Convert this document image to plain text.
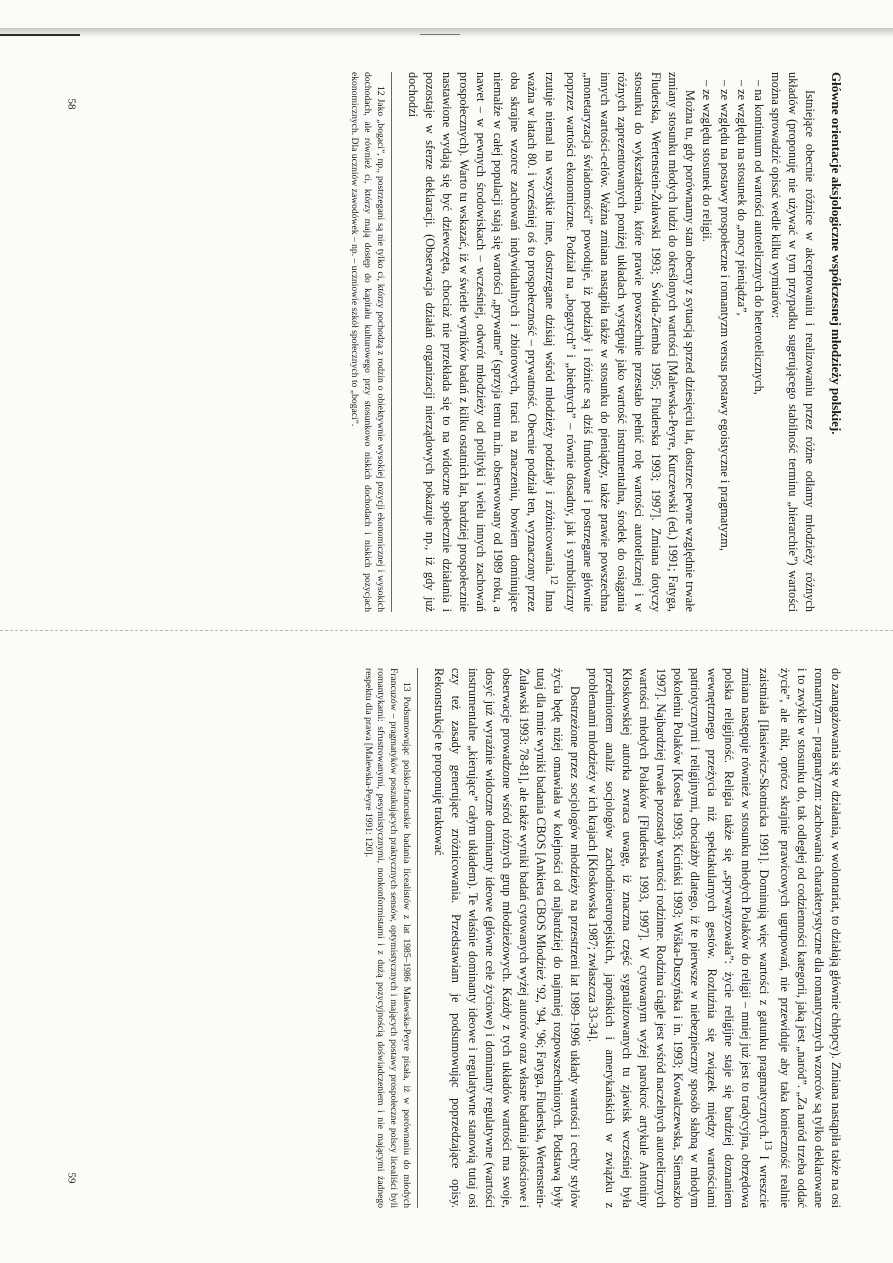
Główne orientacje aksjologiczne współczesnej młodzieży polskiej.

Istniejące obecnie różnice w akceptowaniu i realizowaniu przez różne odłamy młodzieży różnych układów (proponuję nie używać w tym przypadku sugerującego stabilność terminu „hierarchie”) wartości można sprowadzić opisać wedle kilku wymiarów:

– na kontinuum od wartości autotelicznych do heterotelicznych,
– ze względu na stosunek do „mocy pieniądza”,
– ze względu na postawy prospołeczne i romantyzm versus postawy egoistyczne i pragmatyzm,
– ze względu stosunek do religii.

Można tu, gdy porównamy stan obecny z sytuacją sprzed dziesięciu lat, dostrzec pewne względnie trwałe zmiany stosunku młodych ludzi do określonych wartości [Malewska-Peyre, Kurczewski (ed.) 1991; Fatyga, Fluderska, Wertenstein-Żuławski 1993; Świda-Ziemba 1995; Fluderska 1993; 1997]. Zmiana dotyczy stosunku do wykształcenia, które prawie powszechnie przestało pełnić rolę wartości autotelicznej i w różnych zaprezentowanych poniżej układach występuje jako wartość instrumentalna, środek do osiągania innych wartości-celów. Ważna zmiana nastąpiła także w stosunku do pieniądzy, także prawie powszechna „monetaryzacja świadomości” powoduje, iż podziały i różnice są dziś fundowane i postrzegane głównie poprzez wartości ekonomiczne. Podział na „bogatych” i „biednych” – równie dosadny, jak i symboliczny rzutuje niemal na wszystkie inne, dostrzegane dzisiaj wśród młodzieży podziały i zróżnicowania.$^{12}$ Inna ważna w latach 80. i wcześniej oś to prospołeczność – prywatność. Obecnie podział ten, wyznaczony przez oba skrajne wzorce zachowań indywidualnych i zbiorowych, traci na znaczeniu, bowiem dominujące niemalże w całej populacji stają się wartości „prywatne” (sprzyja temu m.in. obserwowany od 1989 roku, a nawet – w pewnych środowiskach – wcześniej, odwrót młodzieży od polityki i wielu innych zachowań prospołecznych). Warto tu wskazać, iż w świetle wyników badań z kilku ostatnich lat, bardziej prospołecznie nastawione wydają się być dziewczęta, chociaż nie przekłada się to na widoczne społecznie działania i pozostaje w sferze deklaracji. (Obserwacja działań organizacji nierządowych pokazuje np., iż gdy już dochodzi

12 Jako „bogaci”, np., postrzegani są nie tylko ci, którzy pochodzą z rodzin o obiektywnie wysokiej pozycji ekonomicznej i wysokich dochodach, ale również ci, którzy mają dostęp do kapitału kulturowego przy stosunkowo niskich dochodach i niskich pozycjach ekonomicznych. Dla uczniów zawodówek – np. – uczniowie szkół społecznych to „bogaci”.

58

do zaangażowania się w działania, w wolontariat, to działają głównie chłopcy). Zmiana nastąpiła także na osi romantyzm – pragmatyzm: zachowania charakterystyczne dla romantycznych wzorców są tylko deklarowane i to zwykle w stosunku do, tak odległej od codzienności kategorii, jaką jest „naród”. „Za naród trzeba oddać życie”, ale nikt, oprócz skrajnie prawicowych ugrupowań, nie przewiduje aby taka konieczność realnie zaistniała [Iłasiewicz-Skotnicka 1991]. Dominują więc wartości z gatunku pragmatycznych.$^{13}$ I wreszcie zmiana następuje również w stosunku młodych Polaków do religii – mniej już jest to tradycyjna, obrzędowa polska religijność. Religia także się „sprywatyzowała”: życie religijne staje się bardziej doznaniem wewnętrznego przeżycia niż spektakularnych gestów. Rozluźnia się związek między wartościami patriotycznymi i religijnymi, chociażby dlatego, iż te pierwsze w niebezpieczny sposób słabną w młodym pokoleniu Polaków [Koseła 1993; Kiciński 1993; Wiśka-Duszyńska i in. 1993; Kowalczewska, Siemaszko 1997]. Najbardziej trwałe pozostały wartości rodzinne. Rodzina ciągle jest wśród naczelnych autotelicznych wartości młodych Polaków [Fluderska 1993, 1997]. W cytowanym wyżej parokroć artykule Antoniny Kłoskowskiej autorka zwraca uwagę, iż znaczna część sygnalizowanych tu zjawisk wcześniej była przedmiotem analiz socjologów zachodnioeuropejskich, japońskich i amerykańskich w związku z problemami młodzieży w ich krajach [Kłoskowska 1987; zwłaszcza 33-34].

Dostrzeżone przez socjologów młodzieży na przestrzeni lat 1989–1996 układy wartości i cechy stylów życia będę niżej omawiała w kolejności od najbardziej do najmniej rozpowszechnionych. Podstawą były tutaj dla mnie wyniki badania CBOS [Ankieta CBOS Młodzież ’92, ’94, ’96; Fatyga, Fluderska, Wertenstein-Żuławski 1993: 78-81], ale także wyniki badań cytowanych wyżej autorów oraz własne badania jakościowe i obserwacje prowadzone wśród różnych grup młodzieżowych. Każdy z tych układów wartości ma swoje, dosyć już wyraźnie widoczne dominanty ideowe (główne cele życiowe) i dominanty regulatywne (wartości instrumentalne „kierujące” całym układem). Te właśnie dominanty ideowe i regulatywne stanowią tutaj osi czy też zasady generujące zróżnicowania. Przedstawiam je podsumowując poprzedzające opisy. Rekonstrukcje te proponuję traktować

13 Podsumowując polsko-francuskie badania licealistów z lat 1985–1986 Malewska-Peyre pisała, iż w porównaniu do młodych Francuzów – pragmatyków poszukujących praktycznych sensów, optymistycznych i mających postawy prospołeczne polscy licealiści byli romantykami: sfrustrowanymi, pesymistycznymi, nonkonformistami i z dużą pozycyjnością doświadczeniem i nie mającymi żadnego respektu dla prawa [Malewska-Peyre 1991: 120].

59
